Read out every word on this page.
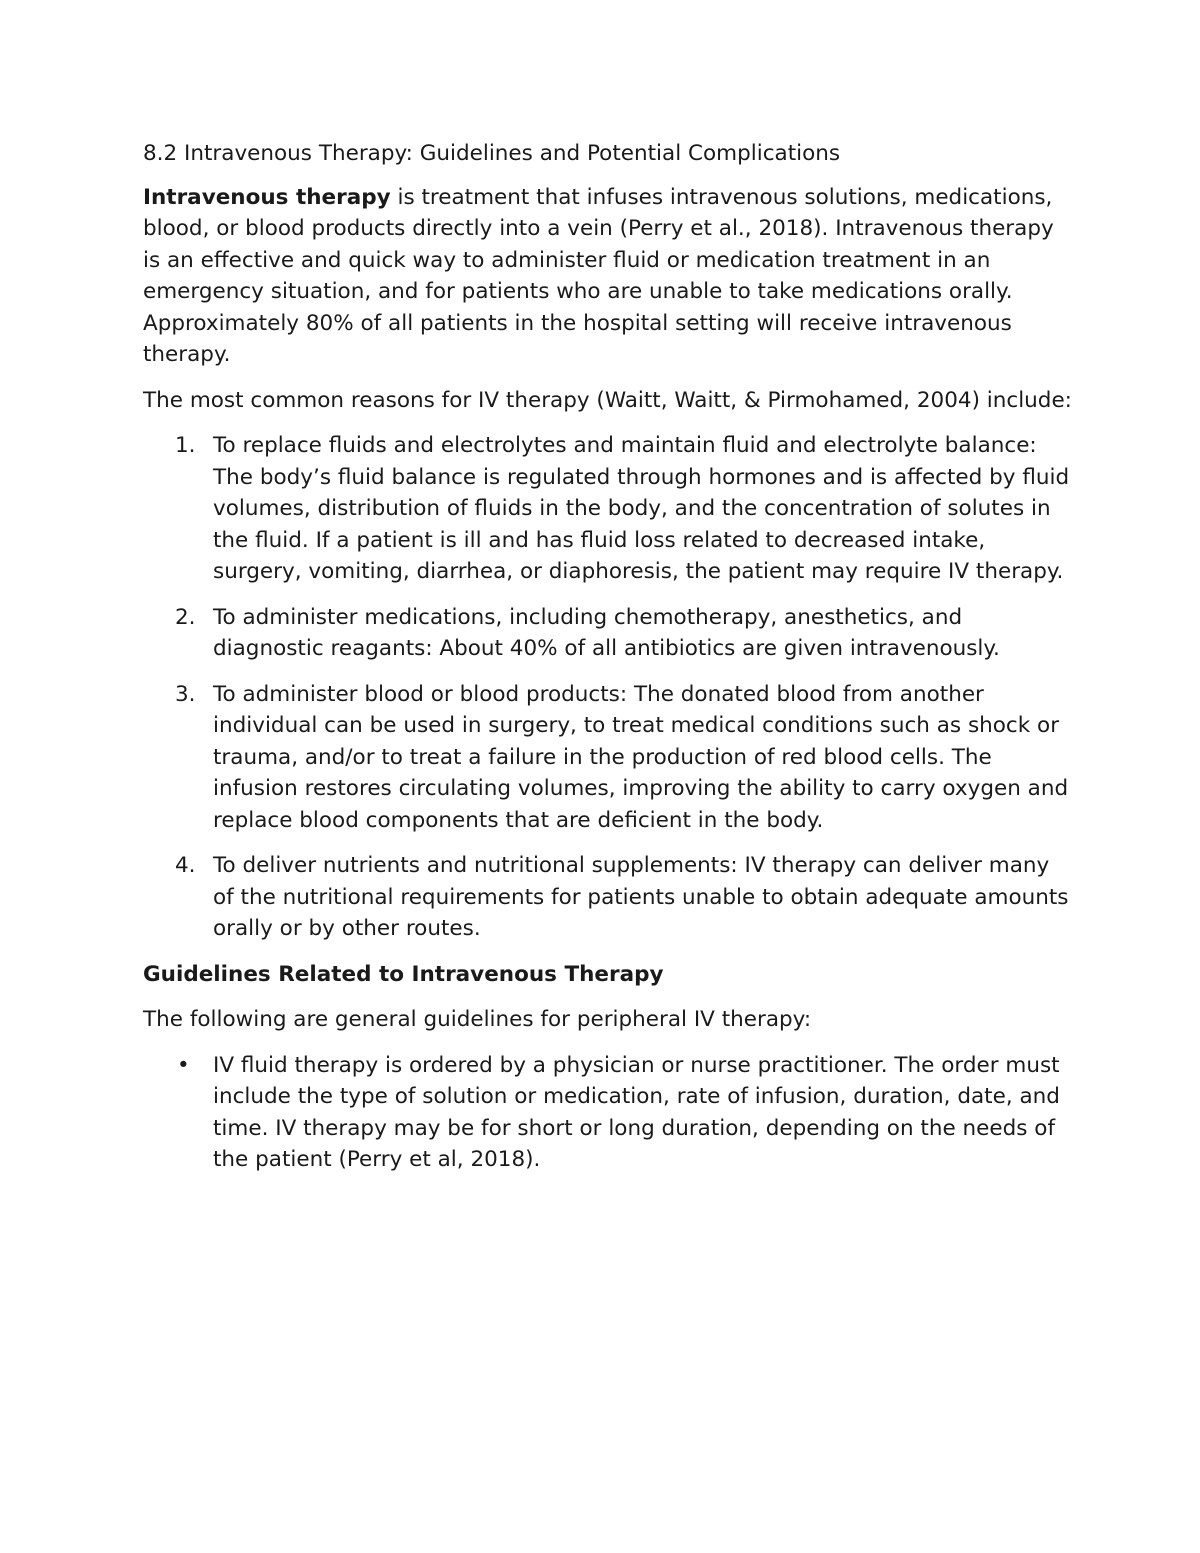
8.2 Intravenous Therapy: Guidelines and Potential Complications

Intravenous therapy is treatment that infuses intravenous solutions, medications, blood, or blood products directly into a vein (Perry et al., 2018). Intravenous therapy is an effective and quick way to administer fluid or medication treatment in an emergency situation, and for patients who are unable to take medications orally. Approximately 80% of all patients in the hospital setting will receive intravenous therapy.

The most common reasons for IV therapy (Waitt, Waitt, & Pirmohamed, 2004) include:

1. To replace fluids and electrolytes and maintain fluid and electrolyte balance: The body’s fluid balance is regulated through hormones and is affected by fluid volumes, distribution of fluids in the body, and the concentration of solutes in the fluid. If a patient is ill and has fluid loss related to decreased intake, surgery, vomiting, diarrhea, or diaphoresis, the patient may require IV therapy.
2. To administer medications, including chemotherapy, anesthetics, and diagnostic reagants: About 40% of all antibiotics are given intravenously.
3. To administer blood or blood products: The donated blood from another individual can be used in surgery, to treat medical conditions such as shock or trauma, and/or to treat a failure in the production of red blood cells. The infusion restores circulating volumes, improving the ability to carry oxygen and replace blood components that are deficient in the body.
4. To deliver nutrients and nutritional supplements: IV therapy can deliver many of the nutritional requirements for patients unable to obtain adequate amounts orally or by other routes.

Guidelines Related to Intravenous Therapy

The following are general guidelines for peripheral IV therapy:

• IV fluid therapy is ordered by a physician or nurse practitioner. The order must include the type of solution or medication, rate of infusion, duration, date, and time. IV therapy may be for short or long duration, depending on the needs of the patient (Perry et al, 2018).
